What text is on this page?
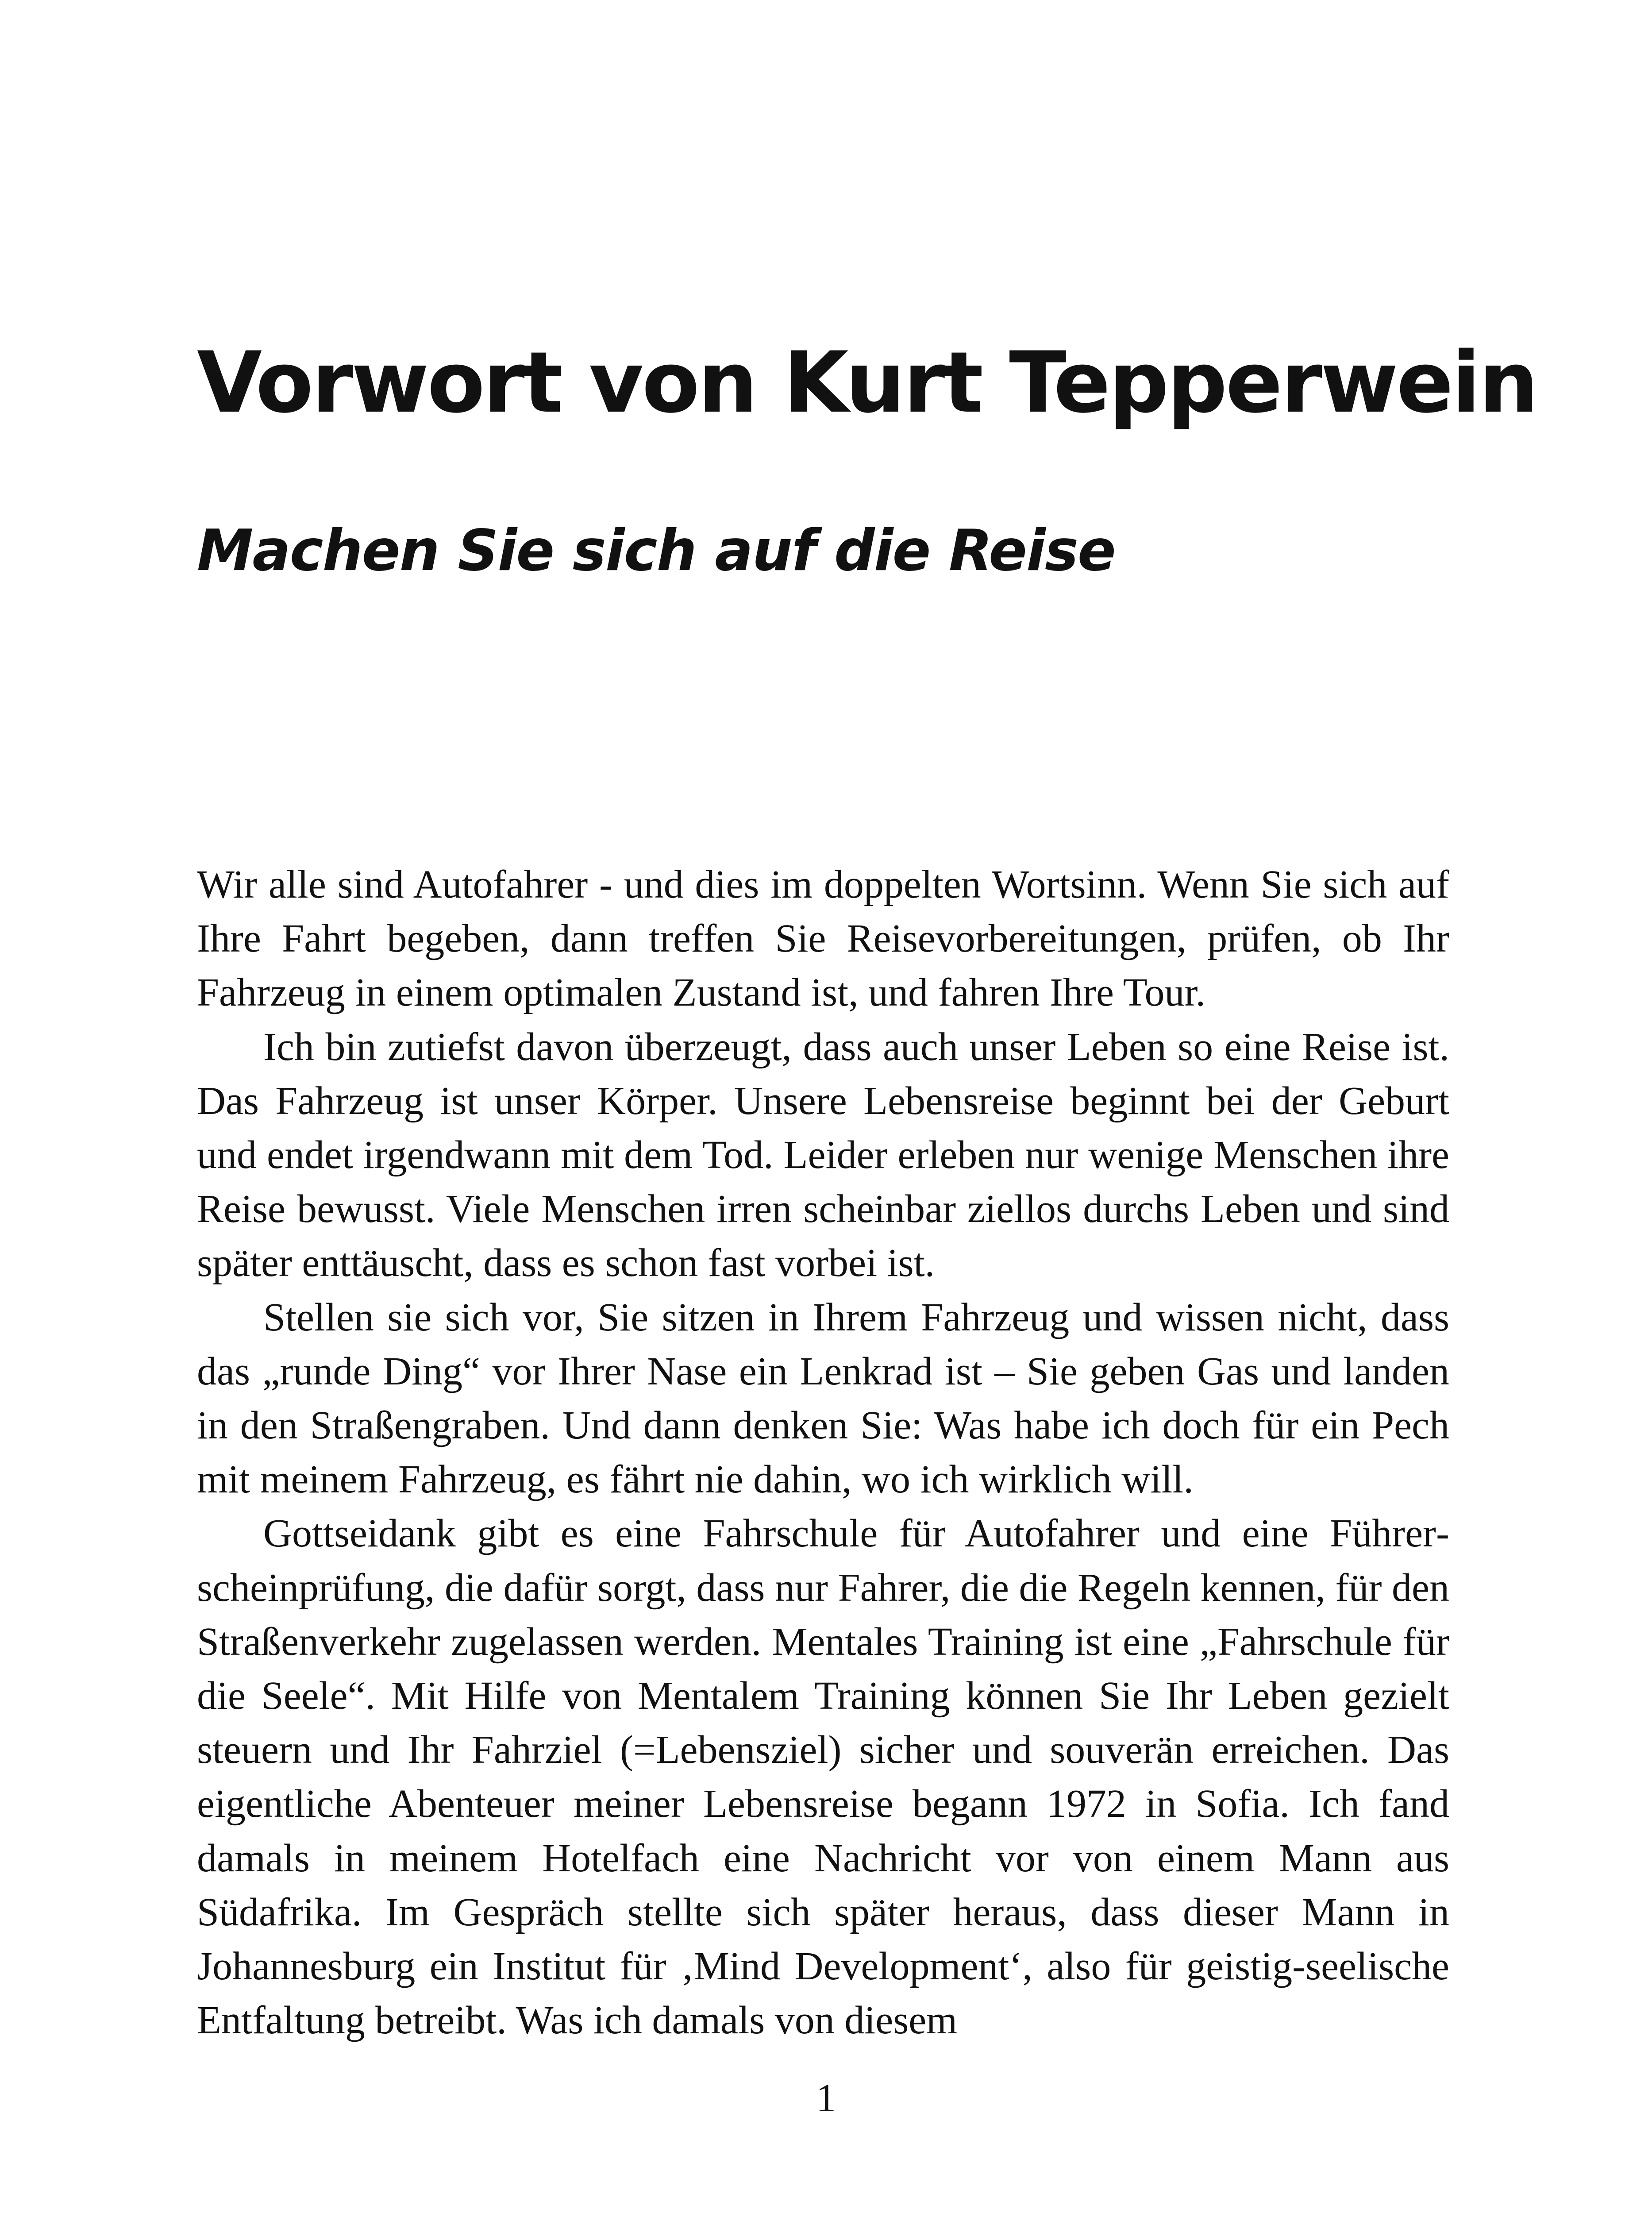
Vorwort von Kurt Tepperwein
Machen Sie sich auf die Reise

Wir alle sind Autofahrer - und dies im doppelten Wortsinn. Wenn Sie sich auf Ihre Fahrt begeben, dann treffen Sie Reisevorbereitungen, prüfen, ob Ihr Fahrzeug in einem optimalen Zustand ist, und fahren Ihre Tour.

Ich bin zutiefst davon überzeugt, dass auch unser Leben so eine Reise ist. Das Fahrzeug ist unser Körper. Unsere Lebensreise beginnt bei der Geburt und endet irgendwann mit dem Tod. Leider erleben nur wenige Menschen ihre Reise bewusst. Viele Menschen irren scheinbar ziellos durchs Leben und sind später enttäuscht, dass es schon fast vorbei ist.

Stellen sie sich vor, Sie sitzen in Ihrem Fahrzeug und wissen nicht, dass das „runde Ding“ vor Ihrer Nase ein Lenkrad ist – Sie geben Gas und landen in den Straßengraben. Und dann denken Sie: Was habe ich doch für ein Pech mit meinem Fahrzeug, es fährt nie dahin, wo ich wirklich will.

Gottseidank gibt es eine Fahrschule für Autofahrer und eine Führerscheinprüfung, die dafür sorgt, dass nur Fahrer, die die Regeln kennen, für den Straßenverkehr zugelassen werden. Mentales Training ist eine „Fahrschule für die Seele“. Mit Hilfe von Mentalem Training können Sie Ihr Leben gezielt steuern und Ihr Fahrziel (=Lebensziel) sicher und souverän erreichen. Das eigentliche Abenteuer meiner Lebensreise begann 1972 in Sofia. Ich fand damals in meinem Hotelfach eine Nachricht vor von einem Mann aus Südafrika. Im Gespräch stellte sich später heraus, dass dieser Mann in Johannesburg ein Institut für ‚Mind Development‘, also für geistig-seelische Entfaltung betreibt. Was ich damals von diesem

1
